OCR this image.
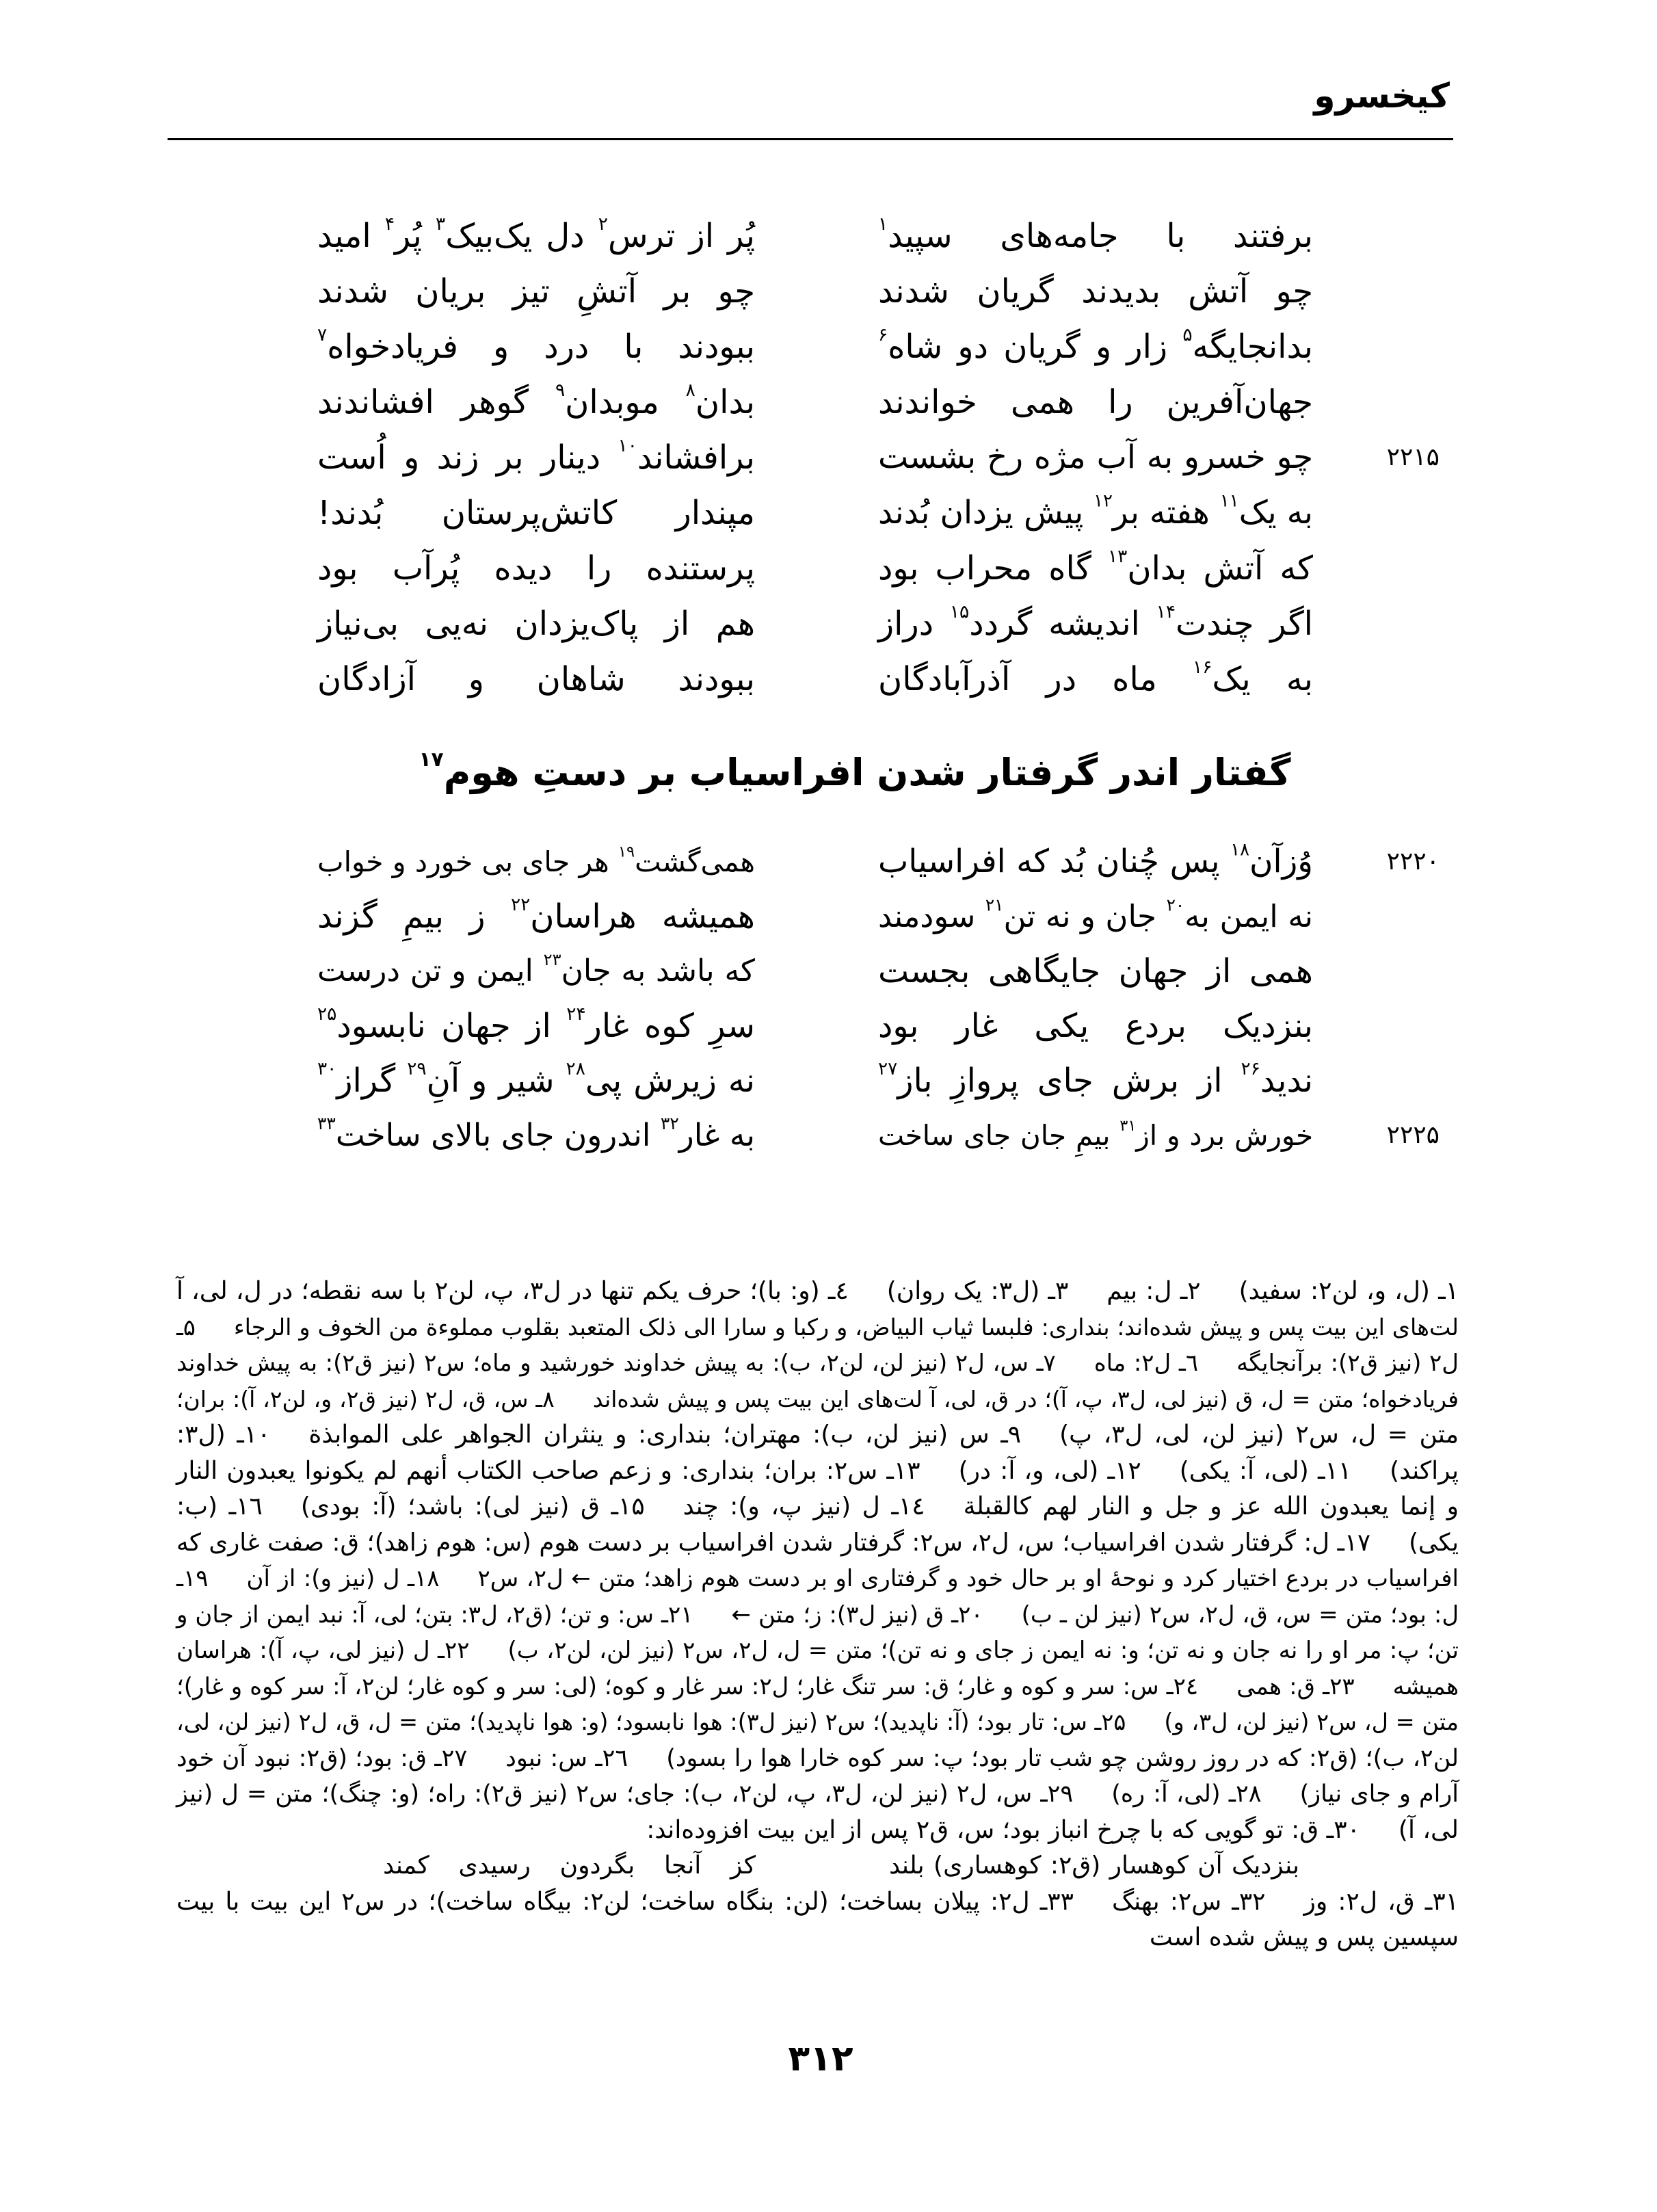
کیخسرو
برفتند با جامه‌های سپید$^۱$
پُر از ترس$^۲$ دل یک‌بیک$^۳$ پُر$^۴$ امید
چو آتش بدیدند گریان شدند
چو بر آتشِ تیز بریان شدند
بدانجایگه$^۵$ زار و گریان دو شاه$^۶$
ببودند با درد و فریادخواه$^۷$
جهان‌آفرین را همی خواندند
بدان$^۸$ موبدان$^۹$ گوهر افشاندند
۲۲۱۵
چو خسرو به آب مژه رخ بشست
برافشاند$^{۱۰}$ دینار بر زند و اُست
به یک$^{۱۱}$ هفته بر$^{۱۲}$ پیش یزدان بُدند
مپندار کاتش‌پرستان بُدند!
که آتش بدان$^{۱۳}$ گاه محراب بود
پرستنده را دیده پُرآب بود
اگر چندت$^{۱۴}$ اندیشه گردد$^{۱۵}$ دراز
هم از پاک‌یزدان نه‌یی بی‌نیاز
به یک$^{۱۶}$ ماه در آذرآبادگان
ببودند شاهان و آزادگان
گفتار اندر گرفتار شدن افراسیاب بر دستِ هوم$^{۱۷}$
۲۲۲۰
وُزآن$^{۱۸}$ پس چُنان بُد که افراسیاب
همی‌گشت$^{۱۹}$ هر جای بی خورد و خواب
نه ایمن به$^{۲۰}$ جان و نه تن$^{۲۱}$ سودمند
همیشه هراسان$^{۲۲}$ ز بیمِ گزند
همی از جهان جایگاهی بجست
که باشد به جان$^{۲۳}$ ایمن و تن درست
بنزدیک بردع یکی غار بود
سرِ کوه غار$^{۲۴}$ از جهان نابسود$^{۲۵}$
ندید$^{۲۶}$ از برش جای پروازِ باز$^{۲۷}$
نه زیرش پی$^{۲۸}$ شیر و آنِ$^{۲۹}$ گراز$^{۳۰}$
۲۲۲۵
خورش برد و از$^{۳۱}$ بیمِ جان جای ساخت
به غار$^{۳۲}$ اندرون جای بالای ساخت$^{۳۳}$
۱ـ (ل، و، لن۲: سفید)۲ـ ل: بیم۳ـ (ل۳: یک روان)٤ـ (و: با)؛ حرف یکم تنها در ل۳، پ، لن۲ با سه نقطه؛ در ل، لی، آ
لت‌های این بیت پس و پیش شده‌اند؛ بنداری: فلبسا ثیاب البیاض، و رکبا و سارا الی ذلک المتعبد بقلوب مملوءة من الخوف و الرجاء۵ـ
ل۲ (نیز ق۲): برآنجایگه٦ـ ل۲: ماه۷ـ س، ل۲ (نیز لن، لن۲، ب): به پیش خداوند خورشید و ماه؛ س۲ (نیز ق۲): به پیش خداوند
فریادخواه؛ متن = ل، ق (نیز لی، ل۳، پ، آ)؛ در ق، لی، آ لت‌های این بیت پس و پیش شده‌اند۸ـ س، ق، ل۲ (نیز ق۲، و، لن۲، آ): بران؛
متن = ل، س۲ (نیز لن، لی، ل۳، پ)۹ـ س (نیز لن، ب): مهتران؛ بنداری: و ینثران الجواهر علی الموابذة۱۰ـ (ل۳:
پراکند)۱۱ـ (لی، آ: یکی)۱۲ـ (لی، و، آ: در)۱۳ـ س۲: بران؛ بنداری: و زعم صاحب الکتاب أنهم لم یکونوا یعبدون النار
و إنما یعبدون الله عز و جل و النار لهم کالقبلة١٤ـ ل (نیز پ، و): چند۱۵ـ ق (نیز لی): باشد؛ (آ: بودی)١٦ـ (ب:
یکی)۱۷ـ ل: گرفتار شدن افراسیاب؛ س، ل۲، س۲: گرفتار شدن افراسیاب بر دست هوم (س: هوم زاهد)؛ ق: صفت غاری که
افراسیاب در بردع اختیار کرد و نوحهٔ او بر حال خود و گرفتاری او بر دست هوم زاهد؛ متن ← ل۲، س۲۱۸ـ ل (نیز و): از آن۱۹ـ
ل: بود؛ متن = س، ق، ل۲، س۲ (نیز لن ـ ب)۲۰ـ ق (نیز ل۳): ز؛ متن ←۲۱ـ س: و تن؛ (ق۲، ل۳: بتن؛ لی، آ: نبد ایمن از جان و
تن؛ پ: مر او را نه جان و نه تن؛ و: نه ایمن ز جای و نه تن)؛ متن = ل، ل۲، س۲ (نیز لن، لن۲، ب)۲۲ـ ل (نیز لی، پ، آ): هراسان
همیشه۲۳ـ ق: همی٢٤ـ س: سر و کوه و غار؛ ق: سر تنگ غار؛ ل۲: سر غار و کوه؛ (لی: سر و کوه غار؛ لن۲، آ: سر کوه و غار)؛
متن = ل، س۲ (نیز لن، ل۳، و)۲۵ـ س: تار بود؛ (آ: ناپدید)؛ س۲ (نیز ل۳): هوا نابسود؛ (و: هوا ناپدید)؛ متن = ل، ق، ل۲ (نیز لن، لی،
لن۲، ب)؛ (ق۲: که در روز روشن چو شب تار بود؛ پ: سر کوه خارا هوا را بسود)٢٦ـ س: نبود۲۷ـ ق: بود؛ (ق۲: نبود آن خود
آرام و جای نیاز)۲۸ـ (لی، آ: ره)۲۹ـ س، ل۲ (نیز لن، ل۳، پ، لن۲، ب): جای؛ س۲ (نیز ق۲): راه؛ (و: چنگ)؛ متن = ل (نیز
لی، آ)۳۰ـ ق: تو گویی که با چرخ انباز بود؛ س، ق۲ پس از این بیت افزوده‌اند:
بنزدیک آن کوهسار (ق۲: کوهساری) بلند
کز آنجا بگردون رسیدی کمند
۳۱ـ ق، ل۲: وز۳۲ـ س۲: بهنگ۳۳ـ ل۲: پیلان بساخت؛ (لن: بنگاه ساخت؛ لن۲: بیگاه ساخت)؛ در س۲ این بیت با بیت
سپسین پس و پیش شده است
۳۱۲
